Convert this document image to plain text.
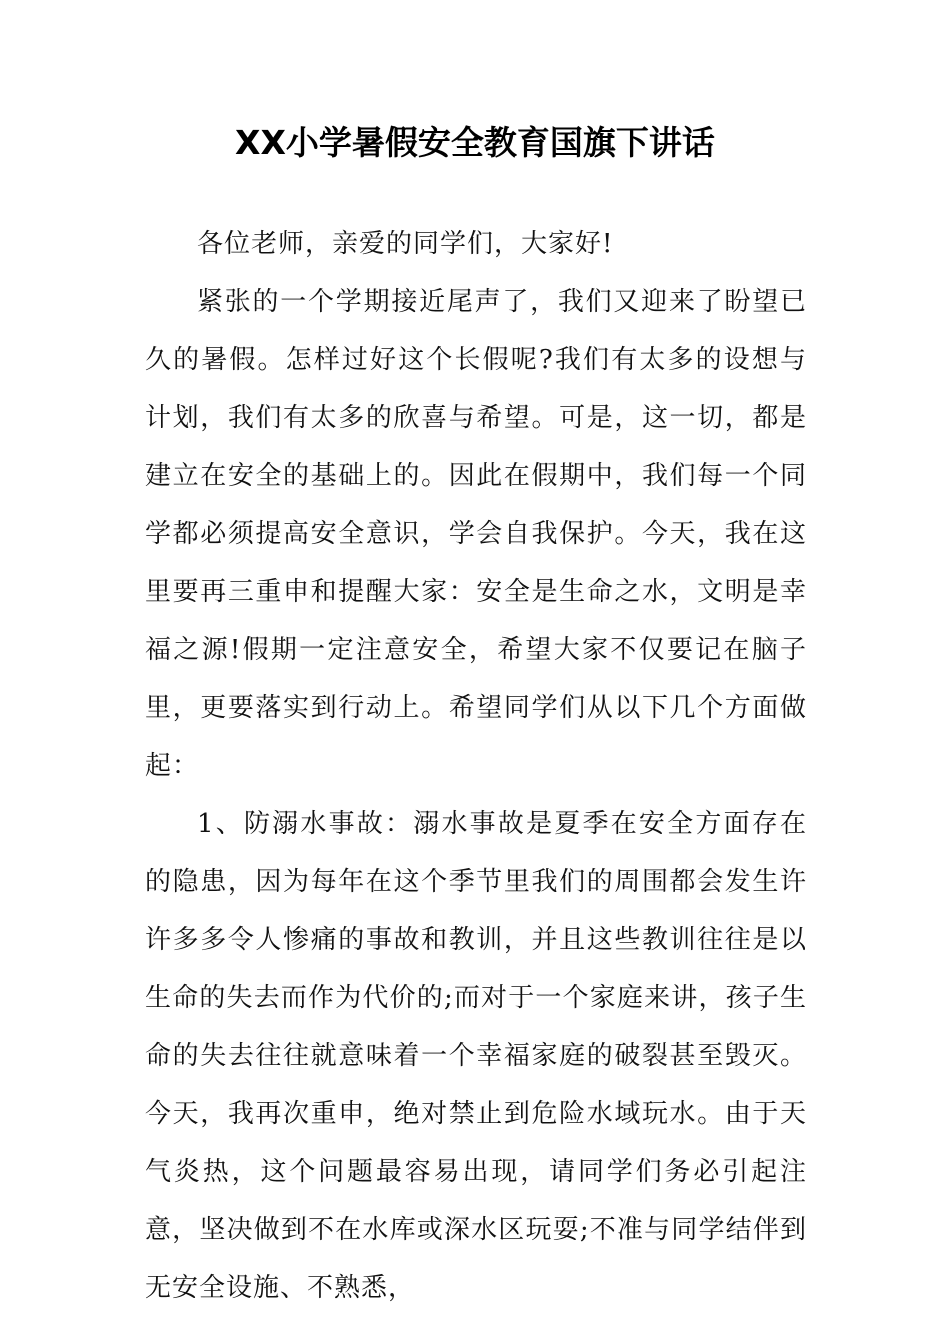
XX小学暑假安全教育国旗下讲话

各位老师，亲爱的同学们，大家好!

紧张的一个学期接近尾声了，我们又迎来了盼望已久的暑假。怎样过好这个长假呢?我们有太多的设想与计划，我们有太多的欣喜与希望。可是，这一切，都是建立在安全的基础上的。因此在假期中，我们每一个同学都必须提高安全意识，学会自我保护。今天，我在这里要再三重申和提醒大家：安全是生命之水，文明是幸福之源!假期一定注意安全，希望大家不仅要记在脑子里，更要落实到行动上。希望同学们从以下几个方面做起：

1、防溺水事故：溺水事故是夏季在安全方面存在的隐患，因为每年在这个季节里我们的周围都会发生许许多多令人惨痛的事故和教训，并且这些教训往往是以生命的失去而作为代价的;而对于一个家庭来讲，孩子生命的失去往往就意味着一个幸福家庭的破裂甚至毁灭。今天，我再次重申，绝对禁止到危险水域玩水。由于天气炎热，这个问题最容易出现，请同学们务必引起注意，坚决做到不在水库或深水区玩耍;不准与同学结伴到无安全设施、不熟悉，
